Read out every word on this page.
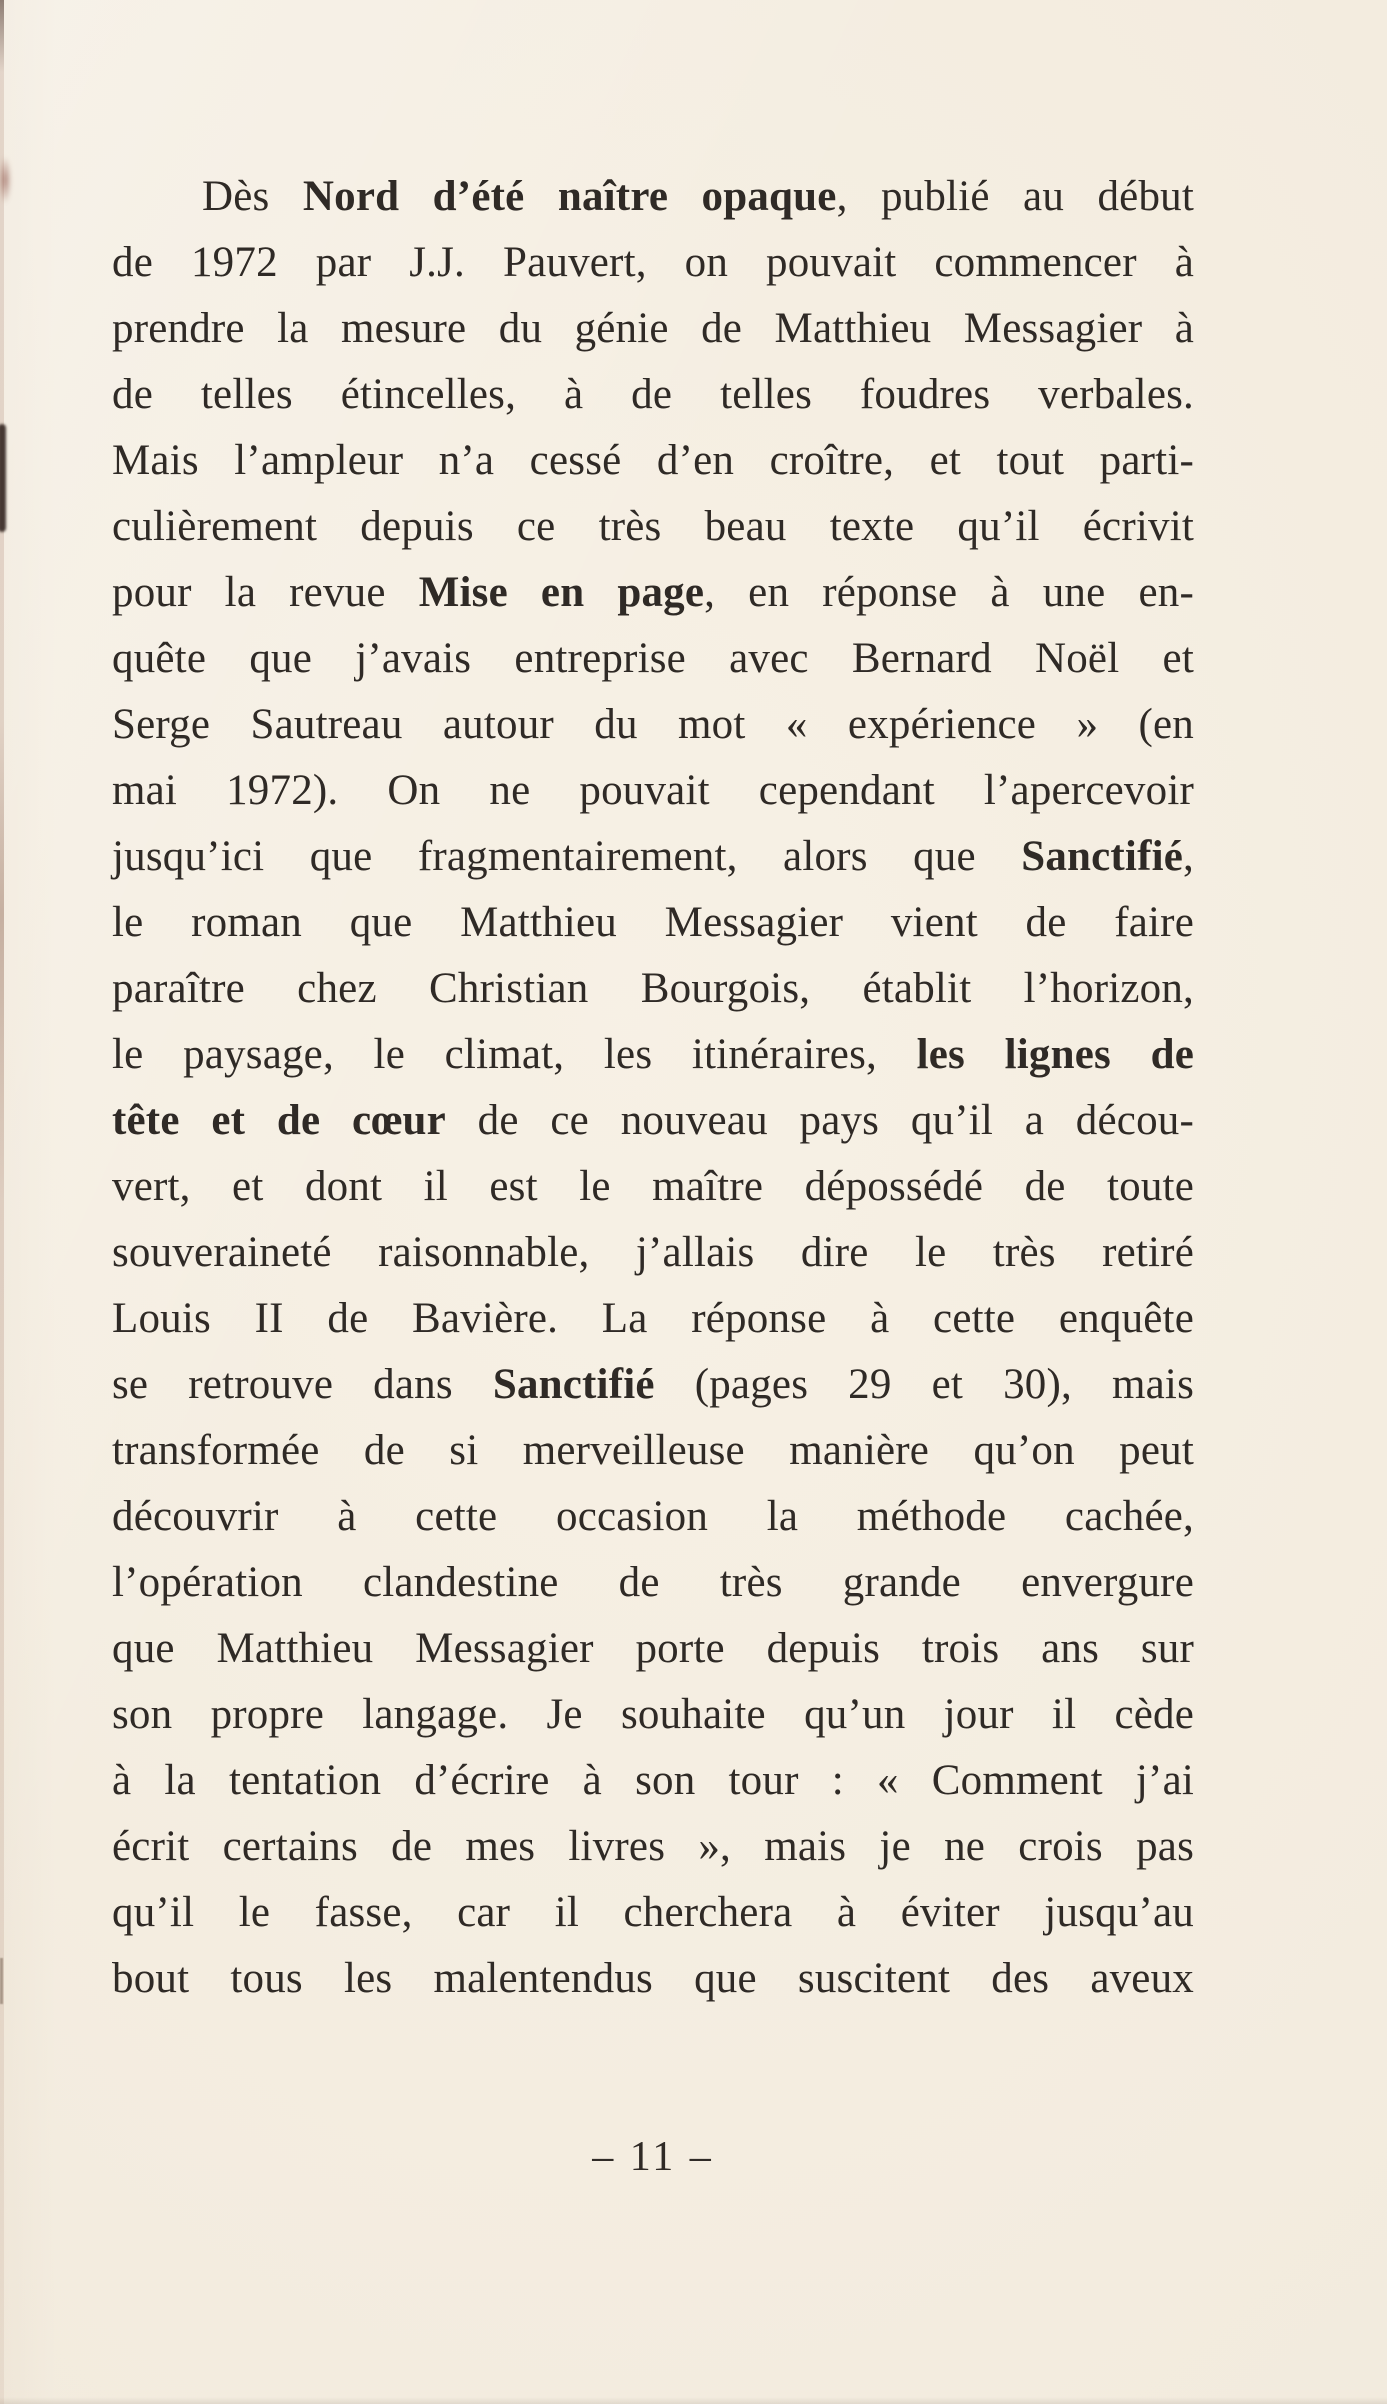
Dès Nord d’été naître opaque, publié au début
de 1972 par J.J. Pauvert, on pouvait commencer à
prendre la mesure du génie de Matthieu Messagier à
de telles étincelles, à de telles foudres verbales.
Mais l’ampleur n’a cessé d’en croître, et tout parti-
culièrement depuis ce très beau texte qu’il écrivit
pour la revue Mise en page, en réponse à une en-
quête que j’avais entreprise avec Bernard Noël et
Serge Sautreau autour du mot « expérience » (en
mai 1972). On ne pouvait cependant l’apercevoir
jusqu’ici que fragmentairement, alors que Sanctifié,
le roman que Matthieu Messagier vient de faire
paraître chez Christian Bourgois, établit l’horizon,
le paysage, le climat, les itinéraires, les lignes de
tête et de cœur de ce nouveau pays qu’il a décou-
vert, et dont il est le maître dépossédé de toute
souveraineté raisonnable, j’allais dire le très retiré
Louis II de Bavière. La réponse à cette enquête
se retrouve dans Sanctifié (pages 29 et 30), mais
transformée de si merveilleuse manière qu’on peut
découvrir à cette occasion la méthode cachée,
l’opération clandestine de très grande envergure
que Matthieu Messagier porte depuis trois ans sur
son propre langage. Je souhaite qu’un jour il cède
à la tentation d’écrire à son tour : « Comment j’ai
écrit certains de mes livres », mais je ne crois pas
qu’il le fasse, car il cherchera à éviter jusqu’au
bout tous les malentendus que suscitent des aveux
– 11 –
